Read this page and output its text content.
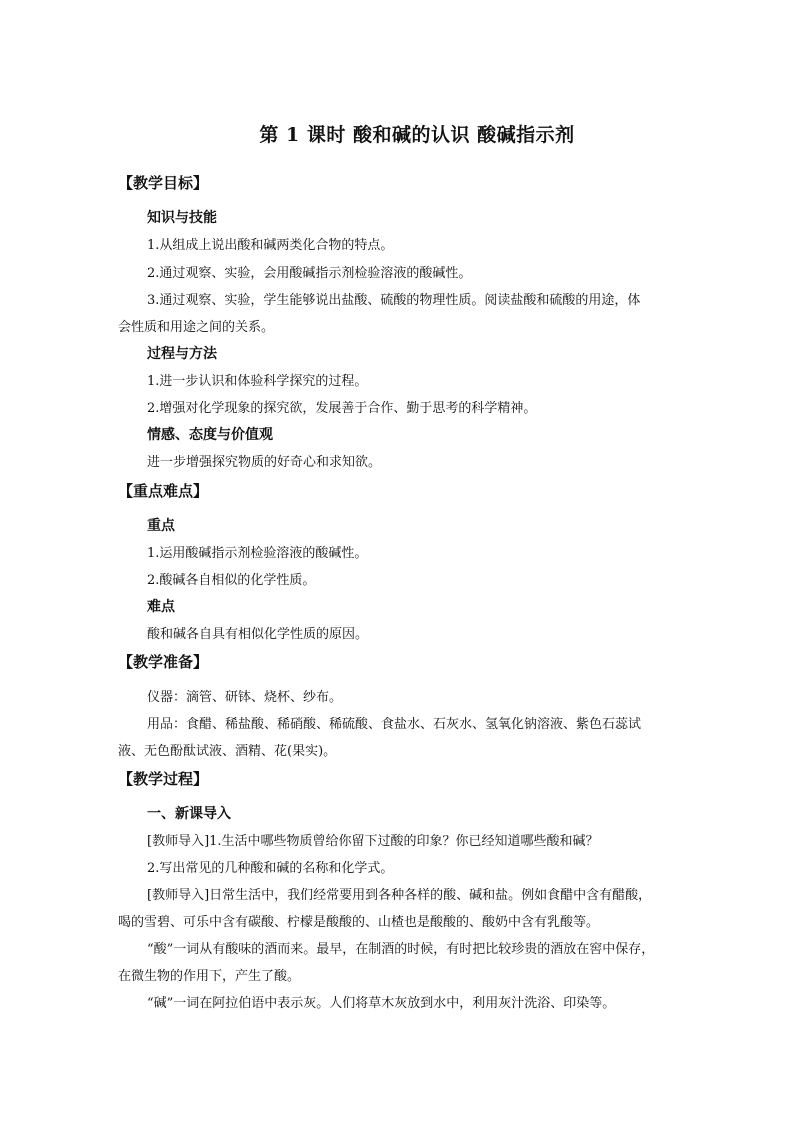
第 1 课时 酸和碱的认识 酸碱指示剂
【教学目标】
知识与技能
1.从组成上说出酸和碱两类化合物的特点。
2.通过观察、实验，会用酸碱指示剂检验溶液的酸碱性。
3.通过观察、实验，学生能够说出盐酸、硫酸的物理性质。阅读盐酸和硫酸的用途，体
会性质和用途之间的关系。
过程与方法
1.进一步认识和体验科学探究的过程。
2.增强对化学现象的探究欲，发展善于合作、勤于思考的科学精神。
情感、态度与价值观
进一步增强探究物质的好奇心和求知欲。
【重点难点】
重点
1.运用酸碱指示剂检验溶液的酸碱性。
2.酸碱各自相似的化学性质。
难点
酸和碱各自具有相似化学性质的原因。
【教学准备】
仪器：滴管、研钵、烧杯、纱布。
用品：食醋、稀盐酸、稀硝酸、稀硫酸、食盐水、石灰水、氢氧化钠溶液、紫色石蕊试
液、无色酚酞试液、酒精、花(果实)。
【教学过程】
一、新课导入
[教师导入]1.生活中哪些物质曾给你留下过酸的印象？你已经知道哪些酸和碱？
2.写出常见的几种酸和碱的名称和化学式。
[教师导入]日常生活中，我们经常要用到各种各样的酸、碱和盐。例如食醋中含有醋酸，
喝的雪碧、可乐中含有碳酸、柠檬是酸酸的、山楂也是酸酸的、酸奶中含有乳酸等。
“酸”一词从有酸味的酒而来。最早，在制酒的时候，有时把比较珍贵的酒放在窖中保存，
在微生物的作用下，产生了酸。
“碱”一词在阿拉伯语中表示灰。人们将草木灰放到水中，利用灰汁洗浴、印染等。
